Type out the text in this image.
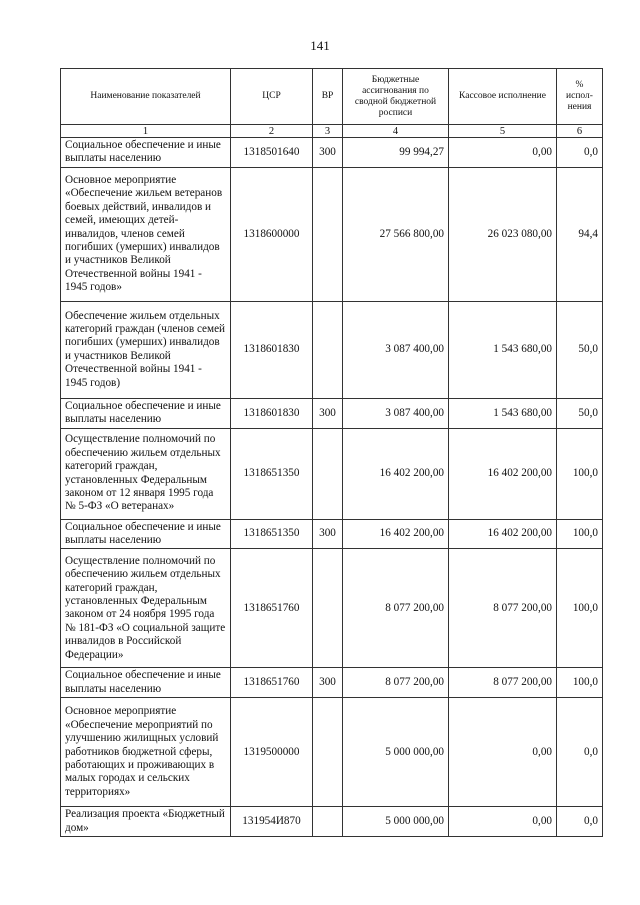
141
Наименование показателей	ЦСР	ВР	Бюджетные ассигнования по сводной бюджетной росписи	Кассовое исполнение	% испол-нения
1	2	3	4	5	6
Социальное обеспечение и иные выплаты населению	1318501640	300	99 994,27	0,00	0,0
Основное мероприятие «Обеспечение жильем ветеранов боевых действий, инвалидов и семей, имеющих детей-инвалидов, членов семей погибших (умерших) инвалидов и участников Великой Отечественной войны 1941 - 1945 годов»	1318600000		27 566 800,00	26 023 080,00	94,4
Обеспечение жильем отдельных категорий граждан (членов семей погибших (умерших) инвалидов и участников Великой Отечественной войны 1941 - 1945 годов)	1318601830		3 087 400,00	1 543 680,00	50,0
Социальное обеспечение и иные выплаты населению	1318601830	300	3 087 400,00	1 543 680,00	50,0
Осуществление полномочий по обеспечению жильем отдельных категорий граждан, установленных Федеральным законом от 12 января 1995 года № 5-ФЗ «О ветеранах»	1318651350		16 402 200,00	16 402 200,00	100,0
Социальное обеспечение и иные выплаты населению	1318651350	300	16 402 200,00	16 402 200,00	100,0
Осуществление полномочий по обеспечению жильем отдельных категорий граждан, установленных Федеральным законом от 24 ноября 1995 года № 181-ФЗ «О социальной защите инвалидов в Российской Федерации»	1318651760		8 077 200,00	8 077 200,00	100,0
Социальное обеспечение и иные выплаты населению	1318651760	300	8 077 200,00	8 077 200,00	100,0
Основное мероприятие «Обеспечение мероприятий по улучшению жилищных условий работников бюджетной сферы, работающих и проживающих в малых городах и сельских территориях»	1319500000		5 000 000,00	0,00	0,0
Реализация проекта «Бюджетный дом»	131954И870		5 000 000,00	0,00	0,0
